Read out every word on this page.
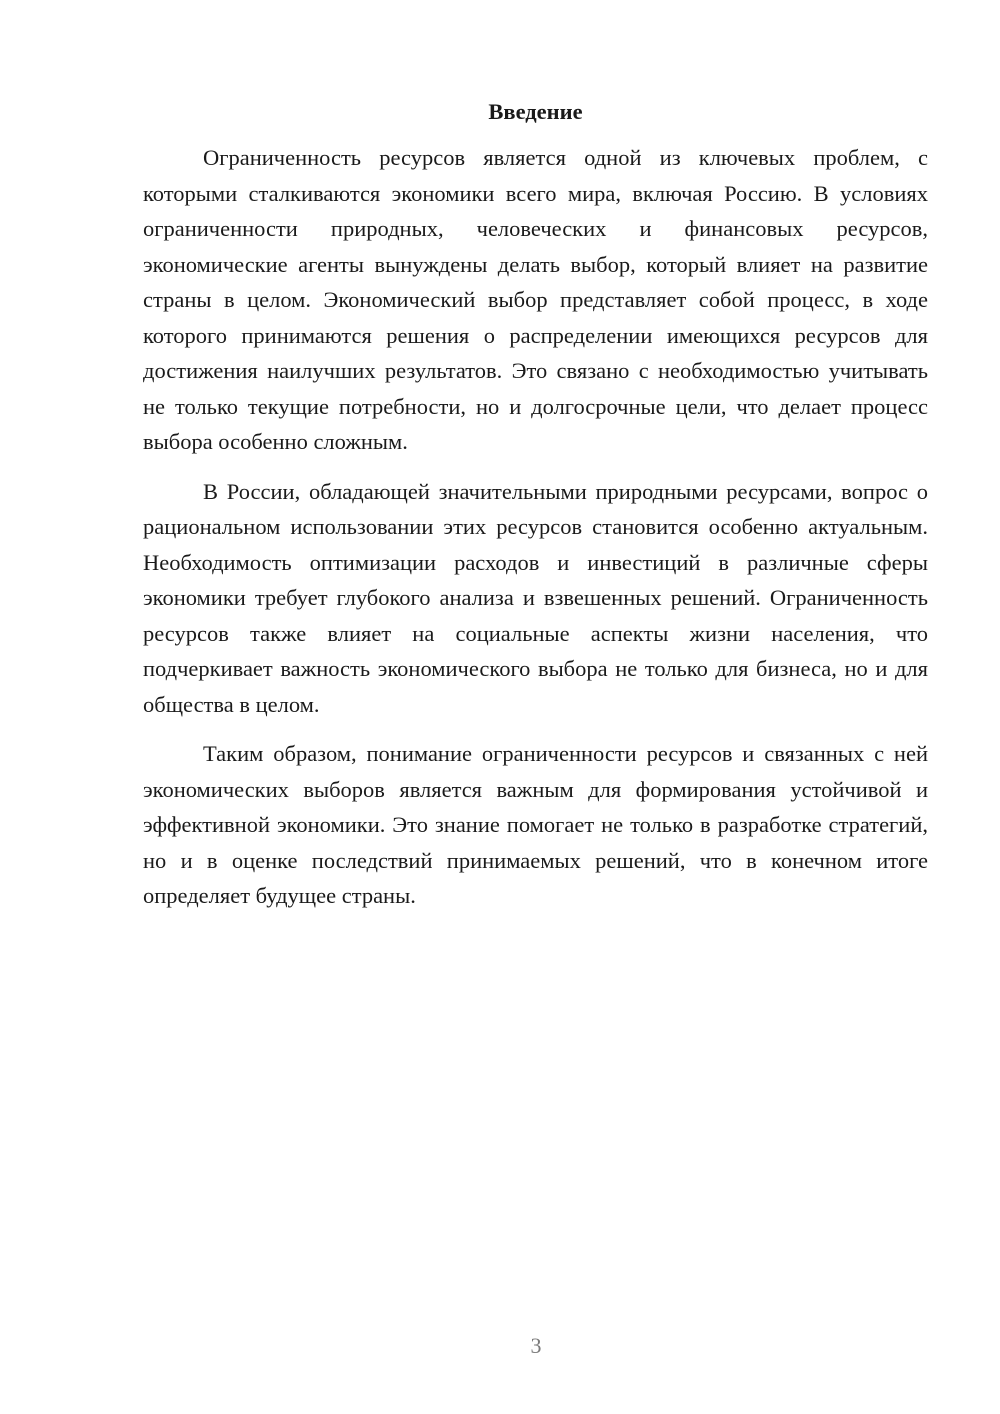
Введение

Ограниченность ресурсов является одной из ключевых проблем, с которыми сталкиваются экономики всего мира, включая Россию. В условиях ограниченности природных, человеческих и финансовых ресурсов, экономические агенты вынуждены делать выбор, который влияет на развитие страны в целом. Экономический выбор представляет собой процесс, в ходе которого принимаются решения о распределении имеющихся ресурсов для достижения наилучших результатов. Это связано с необходимостью учитывать не только текущие потребности, но и долгосрочные цели, что делает процесс выбора особенно сложным.

В России, обладающей значительными природными ресурсами, вопрос о рациональном использовании этих ресурсов становится особенно актуальным. Необходимость оптимизации расходов и инвестиций в различные сферы экономики требует глубокого анализа и взвешенных решений. Ограниченность ресурсов также влияет на социальные аспекты жизни населения, что подчеркивает важность экономического выбора не только для бизнеса, но и для общества в целом.

Таким образом, понимание ограниченности ресурсов и связанных с ней экономических выборов является важным для формирования устойчивой и эффективной экономики. Это знание помогает не только в разработке стратегий, но и в оценке последствий принимаемых решений, что в конечном итоге определяет будущее страны.

3
